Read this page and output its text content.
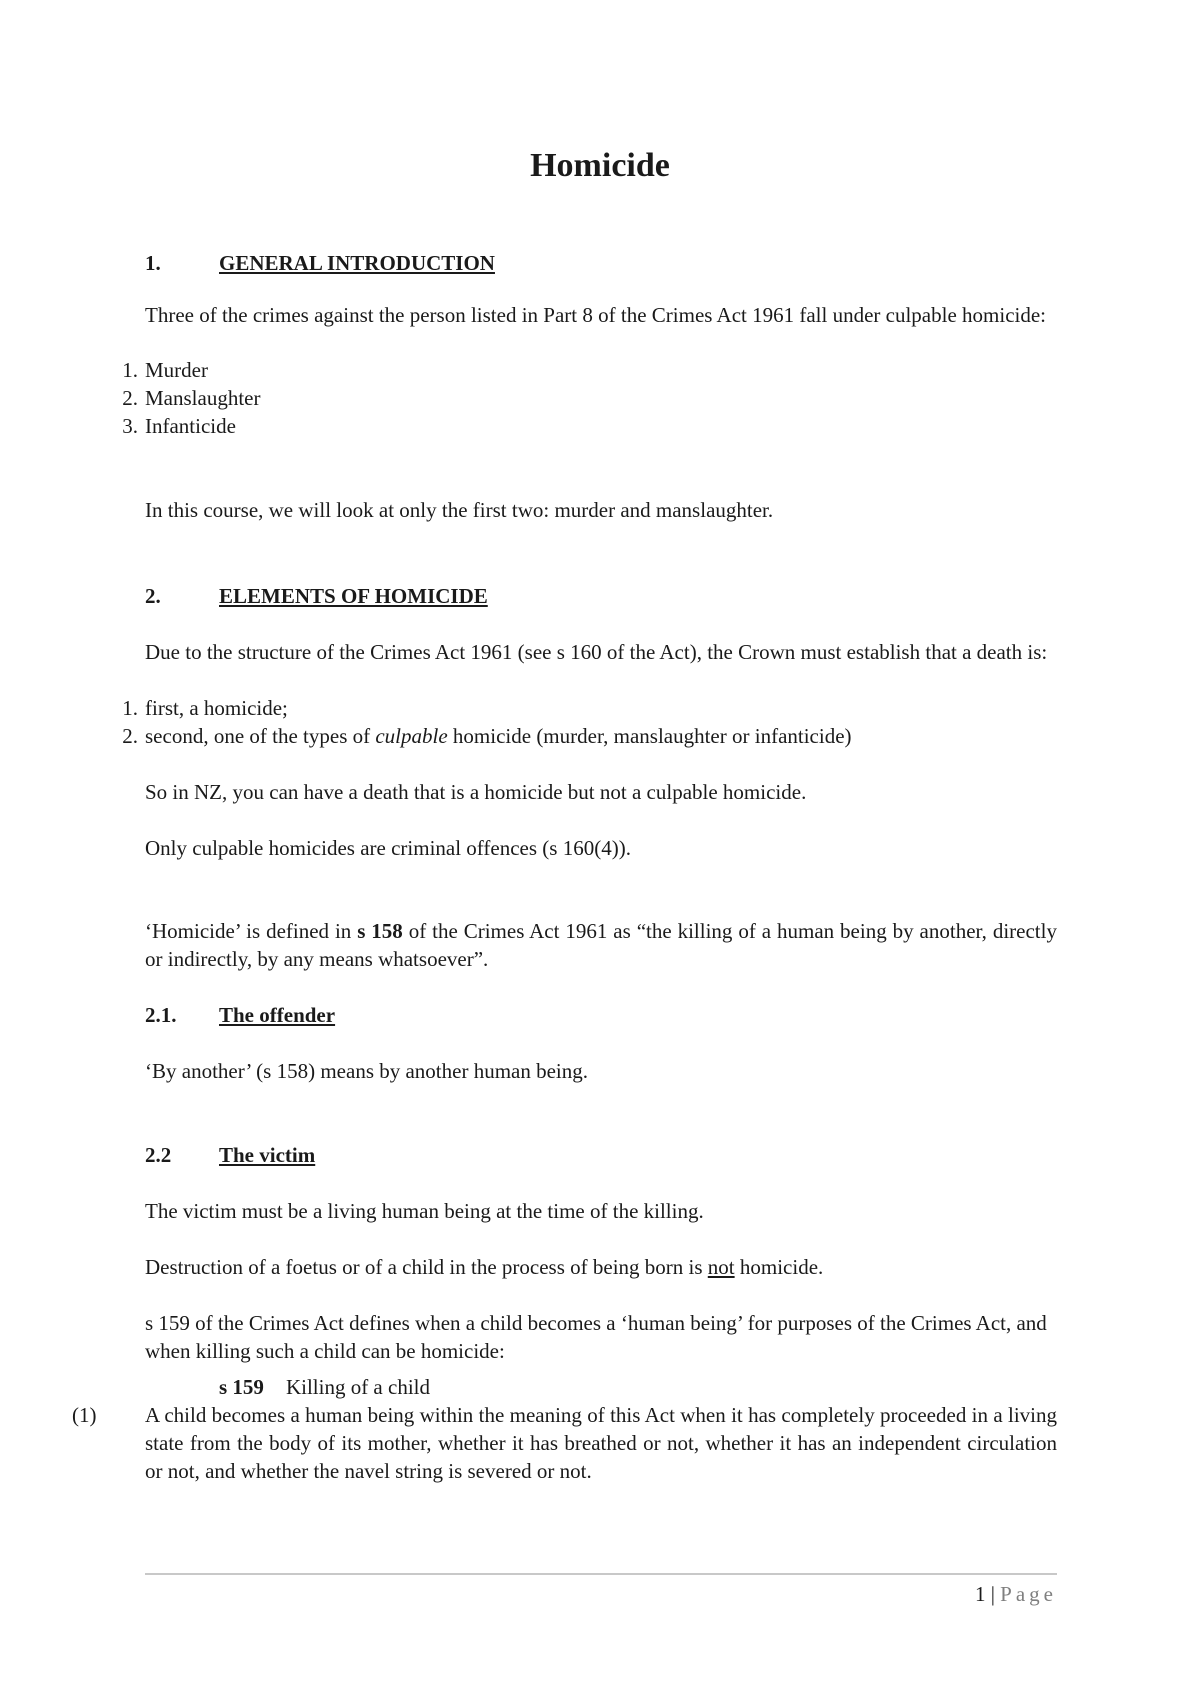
Homicide
1.	GENERAL INTRODUCTION
Three of the crimes against the person listed in Part 8 of the Crimes Act 1961 fall under culpable homicide:
1. Murder
2. Manslaughter
3. Infanticide
In this course, we will look at only the first two: murder and manslaughter.
2.	ELEMENTS OF HOMICIDE
Due to the structure of the Crimes Act 1961 (see s 160 of the Act), the Crown must establish that a death is:
1. first, a homicide;
2. second, one of the types of culpable homicide (murder, manslaughter or infanticide)
So in NZ, you can have a death that is a homicide but not a culpable homicide.
Only culpable homicides are criminal offences (s 160(4)).
‘Homicide’ is defined in s 158 of the Crimes Act 1961 as “the killing of a human being by another, directly or indirectly, by any means whatsoever”.
2.1. The offender
‘By another’ (s 158) means by another human being.
2.2 The victim
The victim must be a living human being at the time of the killing.
Destruction of a foetus or of a child in the process of being born is not homicide.
s 159 of the Crimes Act defines when a child becomes a ‘human being’ for purposes of the Crimes Act, and when killing such a child can be homicide:
s 159 Killing of a child
(1) A child becomes a human being within the meaning of this Act when it has completely proceeded in a living state from the body of its mother, whether it has breathed or not, whether it has an independent circulation or not, and whether the navel string is severed or not.
1 | Page
